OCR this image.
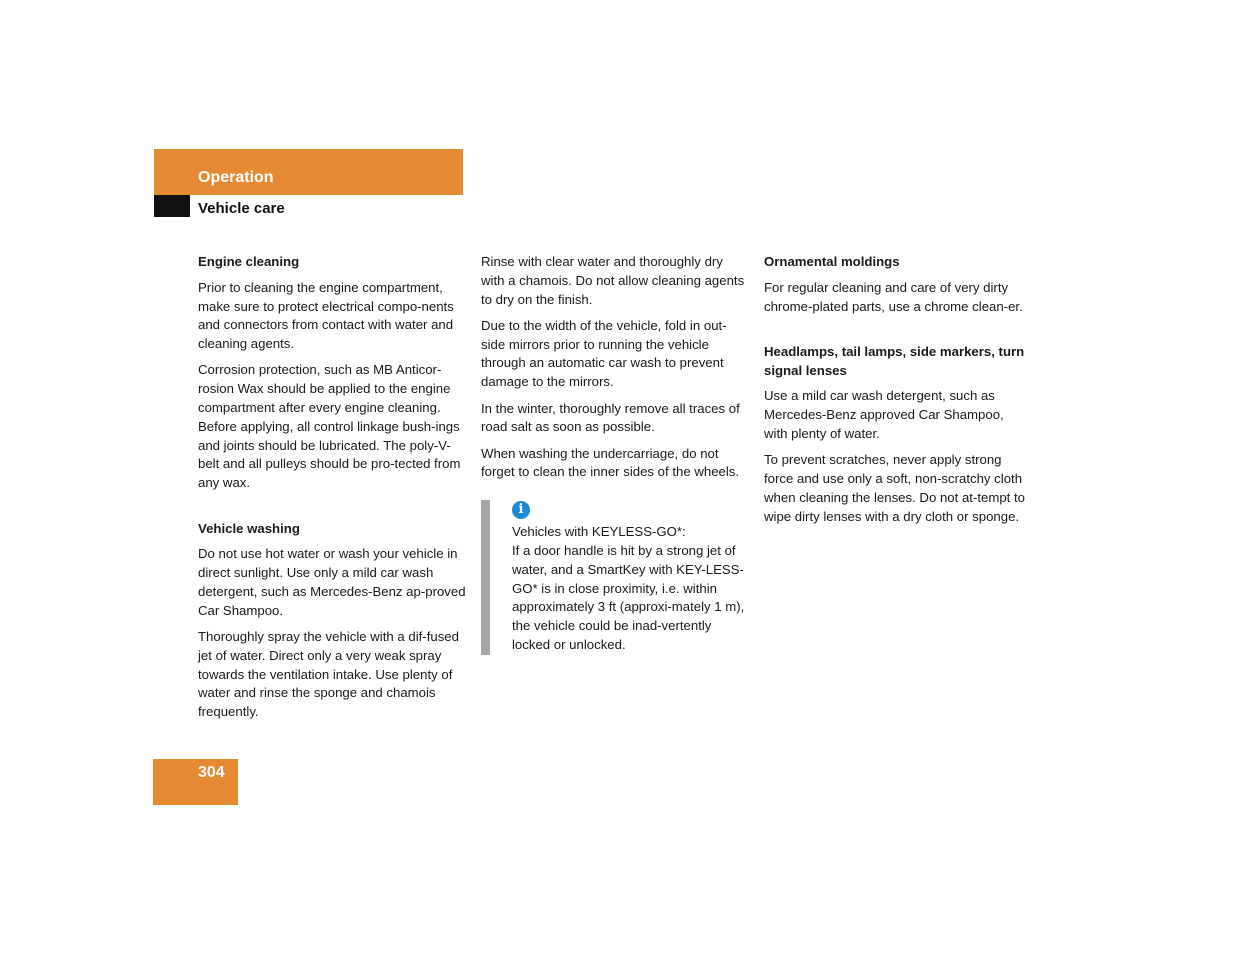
Operation
Vehicle care
Engine cleaning

Prior to cleaning the engine compartment, make sure to protect electrical compo-nents and connectors from contact with water and cleaning agents.

Corrosion protection, such as MB Anticor-rosion Wax should be applied to the engine compartment after every engine cleaning. Before applying, all control linkage bush-ings and joints should be lubricated. The poly-V-belt and all pulleys should be pro-tected from any wax.

Vehicle washing

Do not use hot water or wash your vehicle in direct sunlight. Use only a mild car wash detergent, such as Mercedes-Benz ap-proved Car Shampoo.

Thoroughly spray the vehicle with a dif-fused jet of water. Direct only a very weak spray towards the ventilation intake. Use plenty of water and rinse the sponge and chamois frequently.

Rinse with clear water and thoroughly dry with a chamois. Do not allow cleaning agents to dry on the finish.

Due to the width of the vehicle, fold in out-side mirrors prior to running the vehicle through an automatic car wash to prevent damage to the mirrors.

In the winter, thoroughly remove all traces of road salt as soon as possible.

When washing the undercarriage, do not forget to clean the inner sides of the wheels.

i

Vehicles with KEYLESS-GO*:

If a door handle is hit by a strong jet of water, and a SmartKey with KEY-LESS-GO* is in close proximity, i.e. within approximately 3 ft (approxi-mately 1 m), the vehicle could be inad-vertently locked or unlocked.

Ornamental moldings

For regular cleaning and care of very dirty chrome-plated parts, use a chrome clean-er.

Headlamps, tail lamps, side markers, turn signal lenses

Use a mild car wash detergent, such as Mercedes-Benz approved Car Shampoo, with plenty of water.

To prevent scratches, never apply strong force and use only a soft, non-scratchy cloth when cleaning the lenses. Do not at-tempt to wipe dirty lenses with a dry cloth or sponge.

304
